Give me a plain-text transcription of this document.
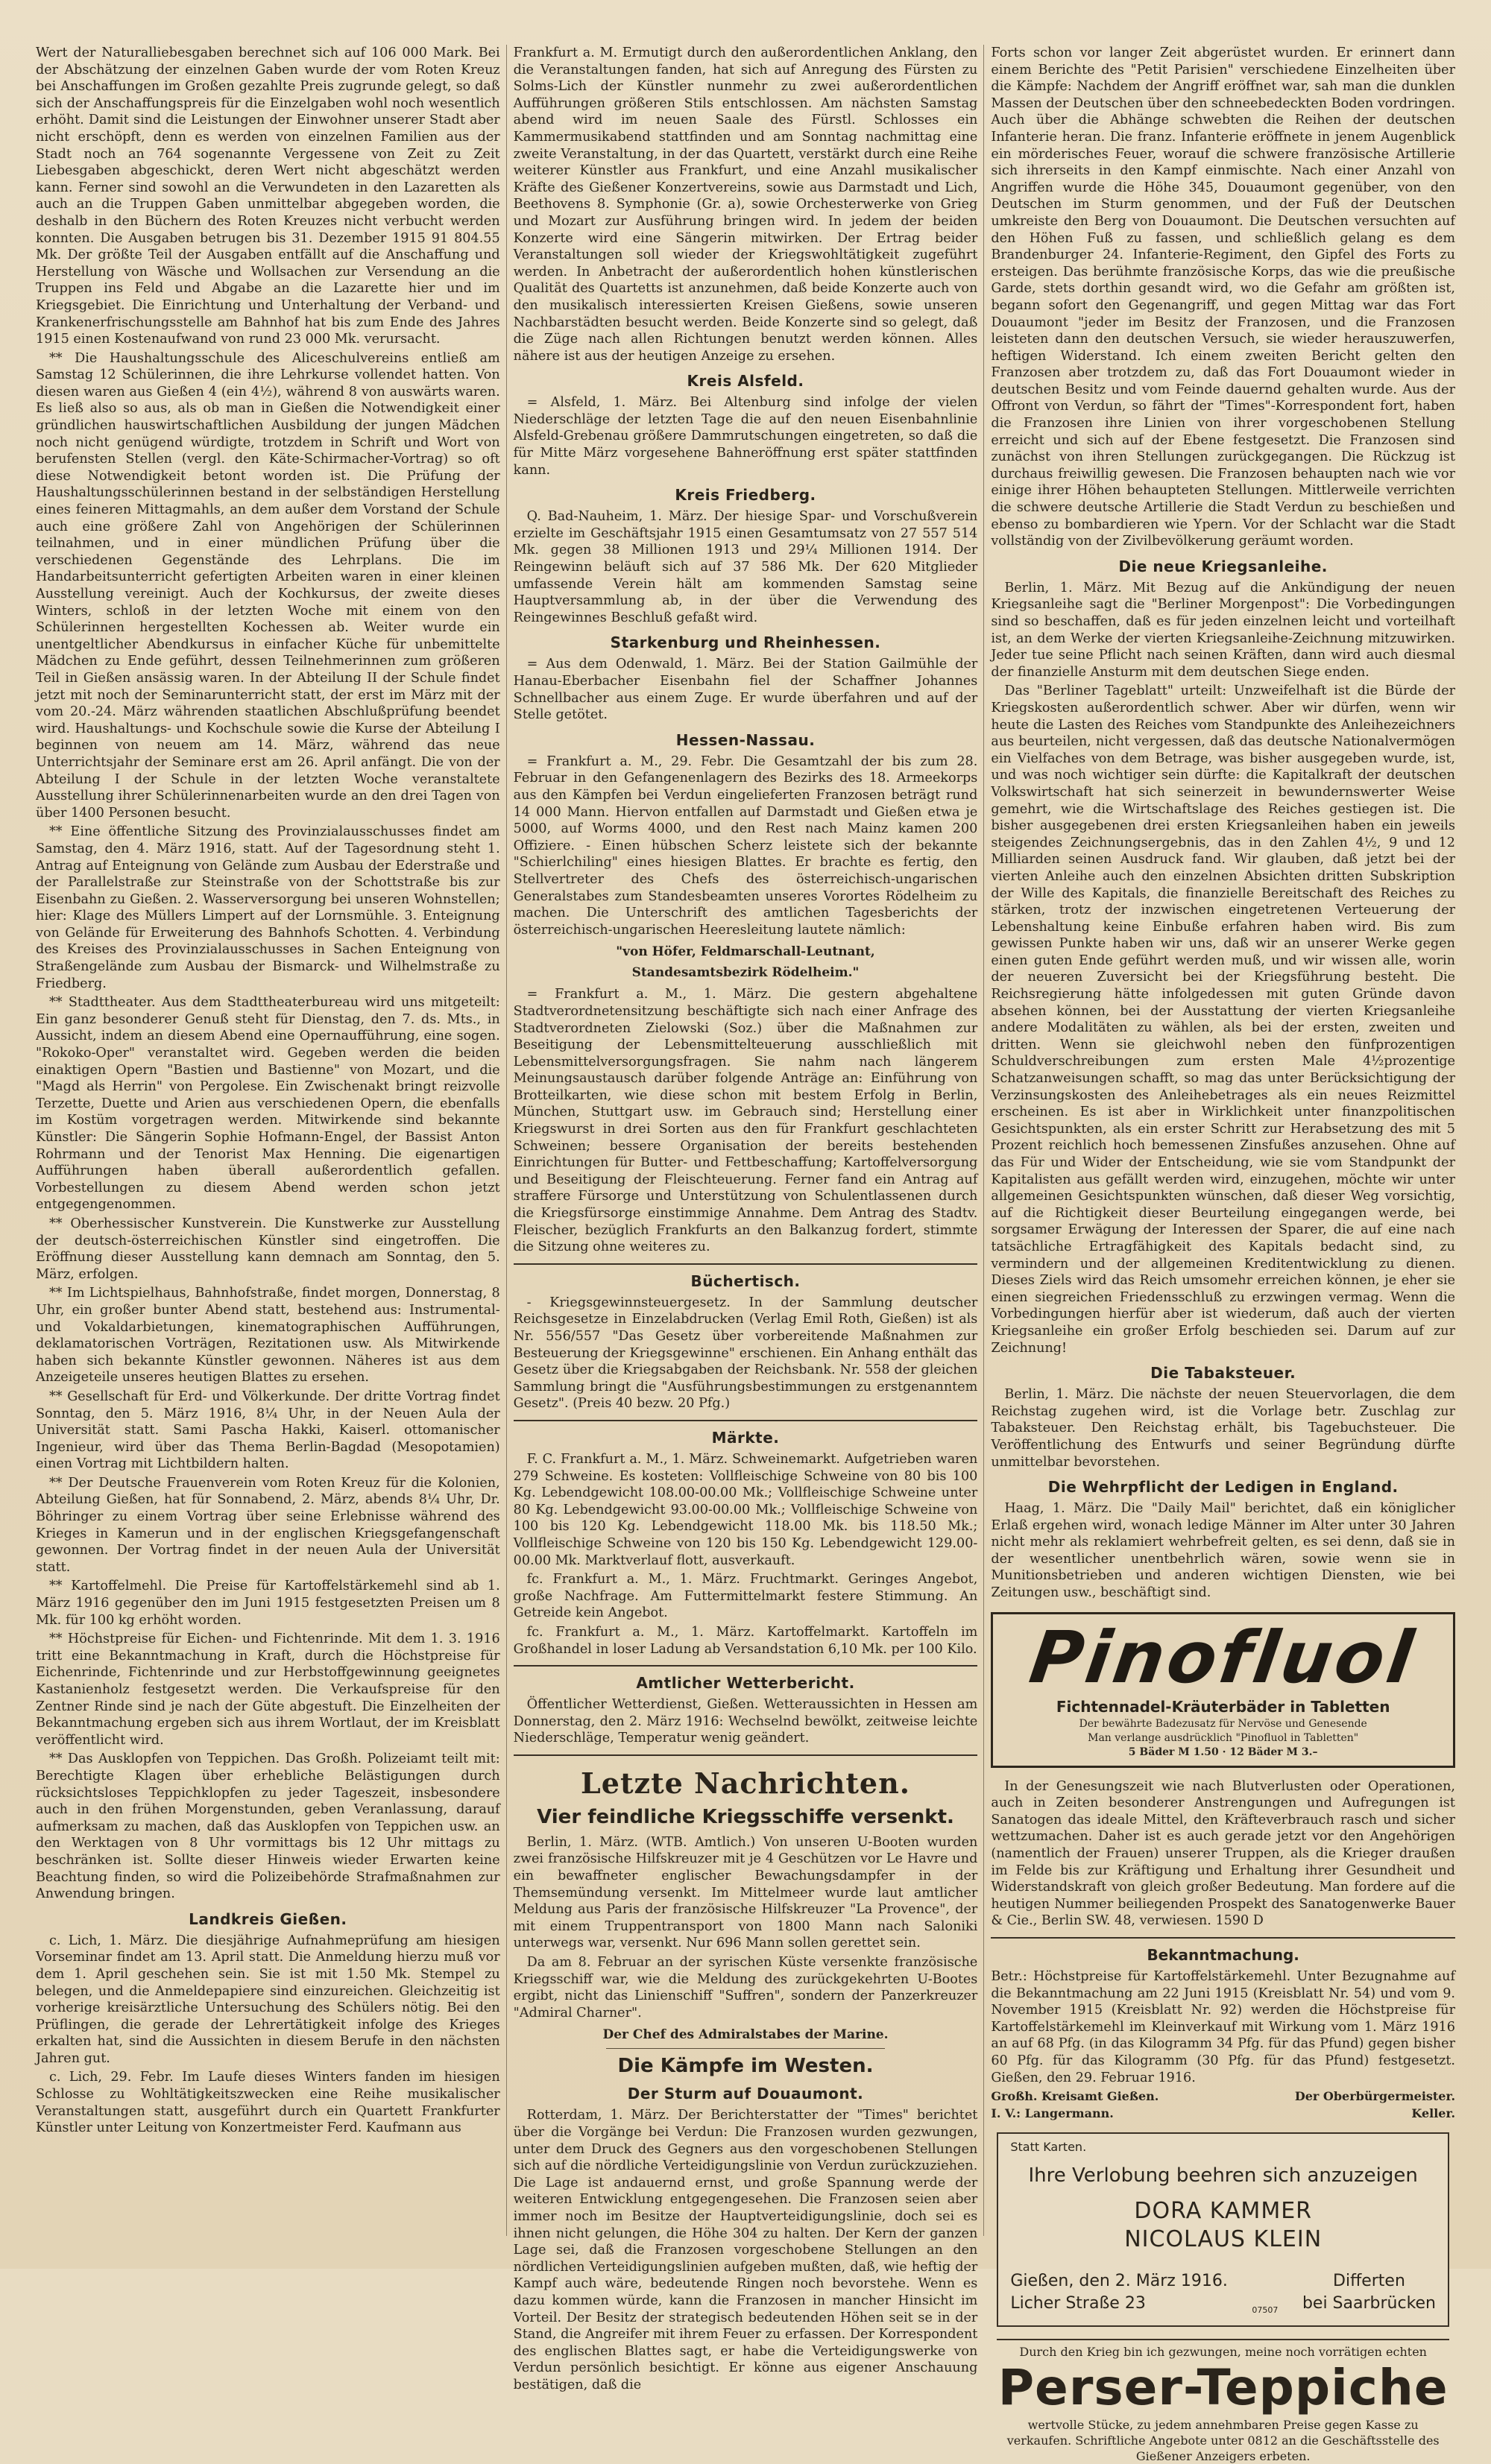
Wert der Naturalliebesgaben berechnet sich auf 106 000 Mark. Bei der Abschätzung der einzelnen Gaben wurde der vom Roten Kreuz bei Anschaffungen im Großen gezahlte Preis zugrunde gelegt, so daß sich der Anschaffungspreis für die Einzelgaben wohl noch wesentlich erhöht. Damit sind die Leistungen der Einwohner unserer Stadt aber nicht erschöpft, denn es werden von einzelnen Familien aus der Stadt noch an 764 sogenannte Vergessene von Zeit zu Zeit Liebesgaben abgeschickt, deren Wert nicht abgeschätzt werden kann. Ferner sind sowohl an die Verwundeten in den Lazaretten als auch an die Truppen Gaben unmittelbar abgegeben worden, die deshalb in den Büchern des Roten Kreuzes nicht verbucht werden konnten. Die Ausgaben betrugen bis 31. Dezember 1915 91 804.55 Mk. Der größte Teil der Ausgaben entfällt auf die Anschaffung und Herstellung von Wäsche und Wollsachen zur Versendung an die Truppen ins Feld und Abgabe an die Lazarette hier und im Kriegsgebiet. Die Einrichtung und Unterhaltung der Verband- und Krankenerfrischungsstelle am Bahnhof hat bis zum Ende des Jahres 1915 einen Kostenaufwand von rund 23 000 Mk. verursacht.

** Die Haushaltungsschule des Aliceschulvereins entließ am Samstag 12 Schülerinnen, die ihre Lehrkurse vollendet hatten. Von diesen waren aus Gießen 4 (ein 4½), während 8 von auswärts waren. Es ließ also so aus, als ob man in Gießen die Notwendigkeit einer gründlichen hauswirtschaftlichen Ausbildung der jungen Mädchen noch nicht genügend würdigte, trotzdem in Schrift und Wort von berufensten Stellen (vergl. den Käte-Schirmacher-Vortrag) so oft diese Notwendigkeit betont worden ist. Die Prüfung der Haushaltungsschülerinnen bestand in der selbständigen Herstellung eines feineren Mittagmahls, an dem außer dem Vorstand der Schule auch eine größere Zahl von Angehörigen der Schülerinnen teilnahmen, und in einer mündlichen Prüfung über die verschiedenen Gegenstände des Lehrplans. Die im Handarbeitsunterricht gefertigten Arbeiten waren in einer kleinen Ausstellung vereinigt. Auch der Kochkursus, der zweite dieses Winters, schloß in der letzten Woche mit einem von den Schülerinnen hergestellten Kochessen ab. Weiter wurde ein unentgeltlicher Abendkursus in einfacher Küche für unbemittelte Mädchen zu Ende geführt, dessen Teilnehmerinnen zum größeren Teil in Gießen ansässig waren. In der Abteilung II der Schule findet jetzt mit noch der Seminarunterricht statt, der erst im März mit der vom 20.-24. März währenden staatlichen Abschlußprüfung beendet wird. Haushaltungs- und Kochschule sowie die Kurse der Abteilung I beginnen von neuem am 14. März, während das neue Unterrichtsjahr der Seminare erst am 26. April anfängt. Die von der Abteilung I der Schule in der letzten Woche veranstaltete Ausstellung ihrer Schülerinnenarbeiten wurde an den drei Tagen von über 1400 Personen besucht.

** Eine öffentliche Sitzung des Provinzialausschusses findet am Samstag, den 4. März 1916, statt. Auf der Tagesordnung steht 1. Antrag auf Enteignung von Gelände zum Ausbau der Ederstraße und der Parallelstraße zur Steinstraße von der Schottstraße bis zur Eisenbahn zu Gießen. 2. Wasserversorgung bei unseren Wohnstellen; hier: Klage des Müllers Limpert auf der Lornsmühle. 3. Enteignung von Gelände für Erweiterung des Bahnhofs Schotten. 4. Verbindung des Kreises des Provinzialausschusses in Sachen Enteignung von Straßengelände zum Ausbau der Bismarck- und Wilhelmstraße zu Friedberg.

** Stadttheater. Aus dem Stadttheaterbureau wird uns mitgeteilt: Ein ganz besonderer Genuß steht für Dienstag, den 7. ds. Mts., in Aussicht, indem an diesem Abend eine Opernaufführung, eine sogen. "Rokoko-Oper" veranstaltet wird. Gegeben werden die beiden einaktigen Opern "Bastien und Bastienne" von Mozart, und die "Magd als Herrin" von Pergolese. Ein Zwischenakt bringt reizvolle Terzette, Duette und Arien aus verschiedenen Opern, die ebenfalls im Kostüm vorgetragen werden. Mitwirkende sind bekannte Künstler: Die Sängerin Sophie Hofmann-Engel, der Bassist Anton Rohrmann und der Tenorist Max Henning. Die eigenartigen Aufführungen haben überall außerordentlich gefallen. Vorbestellungen zu diesem Abend werden schon jetzt entgegengenommen.

** Oberhessischer Kunstverein. Die Kunstwerke zur Ausstellung der deutsch-österreichischen Künstler sind eingetroffen. Die Eröffnung dieser Ausstellung kann demnach am Sonntag, den 5. März, erfolgen.

** Im Lichtspielhaus, Bahnhofstraße, findet morgen, Donnerstag, 8 Uhr, ein großer bunter Abend statt, bestehend aus: Instrumental- und Vokaldarbietungen, kinematographischen Aufführungen, deklamatorischen Vorträgen, Rezitationen usw. Als Mitwirkende haben sich bekannte Künstler gewonnen. Näheres ist aus dem Anzeigeteile unseres heutigen Blattes zu ersehen.

** Gesellschaft für Erd- und Völkerkunde. Der dritte Vortrag findet Sonntag, den 5. März 1916, 8¼ Uhr, in der Neuen Aula der Universität statt. Sami Pascha Hakki, Kaiserl. ottomanischer Ingenieur, wird über das Thema Berlin-Bagdad (Mesopotamien) einen Vortrag mit Lichtbildern halten.

** Der Deutsche Frauenverein vom Roten Kreuz für die Kolonien, Abteilung Gießen, hat für Sonnabend, 2. März, abends 8¼ Uhr, Dr. Böhringer zu einem Vortrag über seine Erlebnisse während des Krieges in Kamerun und in der englischen Kriegsgefangenschaft gewonnen. Der Vortrag findet in der neuen Aula der Universität statt.

** Kartoffelmehl. Die Preise für Kartoffelstärkemehl sind ab 1. März 1916 gegenüber den im Juni 1915 festgesetzten Preisen um 8 Mk. für 100 kg erhöht worden.

** Höchstpreise für Eichen- und Fichtenrinde. Mit dem 1. 3. 1916 tritt eine Bekanntmachung in Kraft, durch die Höchstpreise für Eichenrinde, Fichtenrinde und zur Herbstoffgewinnung geeignetes Kastanienholz festgesetzt werden. Die Verkaufspreise für den Zentner Rinde sind je nach der Güte abgestuft. Die Einzelheiten der Bekanntmachung ergeben sich aus ihrem Wortlaut, der im Kreisblatt veröffentlicht wird.

** Das Ausklopfen von Teppichen. Das Großh. Polizeiamt teilt mit: Berechtigte Klagen über erhebliche Belästigungen durch rücksichtsloses Teppichklopfen zu jeder Tageszeit, insbesondere auch in den frühen Morgenstunden, geben Veranlassung, darauf aufmerksam zu machen, daß das Ausklopfen von Teppichen usw. an den Werktagen von 8 Uhr vormittags bis 12 Uhr mittags zu beschränken ist. Sollte dieser Hinweis wieder Erwarten keine Beachtung finden, so wird die Polizeibehörde Strafmaßnahmen zur Anwendung bringen.

Landkreis Gießen.

c. Lich, 1. März. Die diesjährige Aufnahmeprüfung am hiesigen Vorseminar findet am 13. April statt. Die Anmeldung hierzu muß vor dem 1. April geschehen sein. Sie ist mit 1.50 Mk. Stempel zu belegen, und die Anmeldepapiere sind einzureichen. Gleichzeitig ist vorherige kreisärztliche Untersuchung des Schülers nötig. Bei den Prüflingen, die gerade der Lehrertätigkeit infolge des Krieges erkalten hat, sind die Aussichten in diesem Berufe in den nächsten Jahren gut.

c. Lich, 29. Febr. Im Laufe dieses Winters fanden im hiesigen Schlosse zu Wohltätigkeitszwecken eine Reihe musikalischer Veranstaltungen statt, ausgeführt durch ein Quartett Frankfurter Künstler unter Leitung von Konzertmeister Ferd. Kaufmann aus

Frankfurt a. M. Ermutigt durch den außerordentlichen Anklang, den die Veranstaltungen fanden, hat sich auf Anregung des Fürsten zu Solms-Lich der Künstler nunmehr zu zwei außerordentlichen Aufführungen größeren Stils entschlossen. Am nächsten Samstag abend wird im neuen Saale des Fürstl. Schlosses ein Kammermusikabend stattfinden und am Sonntag nachmittag eine zweite Veranstaltung, in der das Quartett, verstärkt durch eine Reihe weiterer Künstler aus Frankfurt, und eine Anzahl musikalischer Kräfte des Gießener Konzertvereins, sowie aus Darmstadt und Lich, Beethovens 8. Symphonie (Gr. a), sowie Orchesterwerke von Grieg und Mozart zur Ausführung bringen wird. In jedem der beiden Konzerte wird eine Sängerin mitwirken. Der Ertrag beider Veranstaltungen soll wieder der Kriegswohltätigkeit zugeführt werden. In Anbetracht der außerordentlich hohen künstlerischen Qualität des Quartetts ist anzunehmen, daß beide Konzerte auch von den musikalisch interessierten Kreisen Gießens, sowie unseren Nachbarstädten besucht werden. Beide Konzerte sind so gelegt, daß die Züge nach allen Richtungen benutzt werden können. Alles nähere ist aus der heutigen Anzeige zu ersehen.

Kreis Alsfeld.

= Alsfeld, 1. März. Bei Altenburg sind infolge der vielen Niederschläge der letzten Tage die auf den neuen Eisenbahnlinie Alsfeld-Grebenau größere Dammrutschungen eingetreten, so daß die für Mitte März vorgesehene Bahneröffnung erst später stattfinden kann.

Kreis Friedberg.

Q. Bad-Nauheim, 1. März. Der hiesige Spar- und Vorschußverein erzielte im Geschäftsjahr 1915 einen Gesamtumsatz von 27 557 514 Mk. gegen 38 Millionen 1913 und 29¼ Millionen 1914. Der Reingewinn beläuft sich auf 37 586 Mk. Der 620 Mitglieder umfassende Verein hält am kommenden Samstag seine Hauptversammlung ab, in der über die Verwendung des Reingewinnes Beschluß gefaßt wird.

Starkenburg und Rheinhessen.

= Aus dem Odenwald, 1. März. Bei der Station Gailmühle der Hanau-Eberbacher Eisenbahn fiel der Schaffner Johannes Schnellbacher aus einem Zuge. Er wurde überfahren und auf der Stelle getötet.

Hessen-Nassau.

= Frankfurt a. M., 29. Febr. Die Gesamtzahl der bis zum 28. Februar in den Gefangenenlagern des Bezirks des 18. Armeekorps aus den Kämpfen bei Verdun eingelieferten Franzosen beträgt rund 14 000 Mann. Hiervon entfallen auf Darmstadt und Gießen etwa je 5000, auf Worms 4000, und den Rest nach Mainz kamen 200 Offiziere. - Einen hübschen Scherz leistete sich der bekannte "Schierlchiling" eines hiesigen Blattes. Er brachte es fertig, den Stellvertreter des Chefs des österreichisch-ungarischen Generalstabes zum Standesbeamten unseres Vorortes Rödelheim zu machen. Die Unterschrift des amtlichen Tagesberichts der österreichisch-ungarischen Heeresleitung lautete nämlich:

"von Höfer, Feldmarschall-Leutnant,
Standesamtsbezirk Rödelheim."

= Frankfurt a. M., 1. März. Die gestern abgehaltene Stadtverordnetensitzung beschäftigte sich nach einer Anfrage des Stadtverordneten Zielowski (Soz.) über die Maßnahmen zur Beseitigung der Lebensmittelteuerung ausschließlich mit Lebensmittelversorgungsfragen. Sie nahm nach längerem Meinungsaustausch darüber folgende Anträge an: Einführung von Brotteilkarten, wie diese schon mit bestem Erfolg in Berlin, München, Stuttgart usw. im Gebrauch sind; Herstellung einer Kriegswurst in drei Sorten aus den für Frankfurt geschlachteten Schweinen; bessere Organisation der bereits bestehenden Einrichtungen für Butter- und Fettbeschaffung; Kartoffelversorgung und Beseitigung der Fleischteuerung. Ferner fand ein Antrag auf straffere Fürsorge und Unterstützung von Schulentlassenen durch die Kriegsfürsorge einstimmige Annahme. Dem Antrag des Stadtv. Fleischer, bezüglich Frankfurts an den Balkanzug fordert, stimmte die Sitzung ohne weiteres zu.

Büchertisch.

- Kriegsgewinnsteuergesetz. In der Sammlung deutscher Reichsgesetze in Einzelabdrucken (Verlag Emil Roth, Gießen) ist als Nr. 556/557 "Das Gesetz über vorbereitende Maßnahmen zur Besteuerung der Kriegsgewinne" erschienen. Ein Anhang enthält das Gesetz über die Kriegsabgaben der Reichsbank. Nr. 558 der gleichen Sammlung bringt die "Ausführungsbestimmungen zu erstgenanntem Gesetz". (Preis 40 bezw. 20 Pfg.)

Märkte.

F. C. Frankfurt a. M., 1. März. Schweinemarkt. Aufgetrieben waren 279 Schweine. Es kosteten: Vollfleischige Schweine von 80 bis 100 Kg. Lebendgewicht 108.00-00.00 Mk.; Vollfleischige Schweine unter 80 Kg. Lebendgewicht 93.00-00.00 Mk.; Vollfleischige Schweine von 100 bis 120 Kg. Lebendgewicht 118.00 Mk. bis 118.50 Mk.; Vollfleischige Schweine von 120 bis 150 Kg. Lebendgewicht 129.00-00.00 Mk. Marktverlauf flott, ausverkauft.

fc. Frankfurt a. M., 1. März. Fruchtmarkt. Geringes Angebot, große Nachfrage. Am Futtermittelmarkt festere Stimmung. An Getreide kein Angebot.

fc. Frankfurt a. M., 1. März. Kartoffelmarkt. Kartoffeln im Großhandel in loser Ladung ab Versandstation 6,10 Mk. per 100 Kilo.

Amtlicher Wetterbericht.

Öffentlicher Wetterdienst, Gießen. Wetteraussichten in Hessen am Donnerstag, den 2. März 1916: Wechselnd bewölkt, zeitweise leichte Niederschläge, Temperatur wenig geändert.

Letzte Nachrichten.
Vier feindliche Kriegsschiffe versenkt.

Berlin, 1. März. (WTB. Amtlich.) Von unseren U-Booten wurden zwei französische Hilfskreuzer mit je 4 Geschützen vor Le Havre und ein bewaffneter englischer Bewachungsdampfer in der Themsemündung versenkt. Im Mittelmeer wurde laut amtlicher Meldung aus Paris der französische Hilfskreuzer "La Provence", der mit einem Truppentransport von 1800 Mann nach Saloniki unterwegs war, versenkt. Nur 696 Mann sollen gerettet sein.

Da am 8. Februar an der syrischen Küste versenkte französische Kriegsschiff war, wie die Meldung des zurückgekehrten U-Bootes ergibt, nicht das Linienschiff "Suffren", sondern der Panzerkreuzer "Admiral Charner".

Der Chef des Admiralstabes der Marine.
Die Kämpfe im Westen.
Der Sturm auf Douaumont.

Rotterdam, 1. März. Der Berichterstatter der "Times" berichtet über die Vorgänge bei Verdun: Die Franzosen wurden gezwungen, unter dem Druck des Gegners aus den vorgeschobenen Stellungen sich auf die nördliche Verteidigungslinie von Verdun zurückzuziehen. Die Lage ist andauernd ernst, und große Spannung werde der weiteren Entwicklung entgegengesehen. Die Franzosen seien aber immer noch im Besitze der Hauptverteidigungslinie, doch sei es ihnen nicht gelungen, die Höhe 304 zu halten. Der Kern der ganzen Lage sei, daß die Franzosen vorgeschobene Stellungen an den nördlichen Verteidigungslinien aufgeben mußten, daß, wie heftig der Kampf auch wäre, bedeutende Ringen noch bevorstehe. Wenn es dazu kommen würde, kann die Franzosen in mancher Hinsicht im Vorteil. Der Besitz der strategisch bedeutenden Höhen seit se in der Stand, die Angreifer mit ihrem Feuer zu erfassen. Der Korrespondent des englischen Blattes sagt, er habe die Verteidigungswerke von Verdun persönlich besichtigt. Er könne aus eigener Anschauung bestätigen, daß die

Forts schon vor langer Zeit abgerüstet wurden. Er erinnert dann einem Berichte des "Petit Parisien" verschiedene Einzelheiten über die Kämpfe: Nachdem der Angriff eröffnet war, sah man die dunklen Massen der Deutschen über den schneebedeckten Boden vordringen. Auch über die Abhänge schwebten die Reihen der deutschen Infanterie heran. Die franz. Infanterie eröffnete in jenem Augenblick ein mörderisches Feuer, worauf die schwere französische Artillerie sich ihrerseits in den Kampf einmischte. Nach einer Anzahl von Angriffen wurde die Höhe 345, Douaumont gegenüber, von den Deutschen im Sturm genommen, und der Fuß der Deutschen umkreiste den Berg von Douaumont. Die Deutschen versuchten auf den Höhen Fuß zu fassen, und schließlich gelang es dem Brandenburger 24. Infanterie-Regiment, den Gipfel des Forts zu ersteigen. Das berühmte französische Korps, das wie die preußische Garde, stets dorthin gesandt wird, wo die Gefahr am größten ist, begann sofort den Gegenangriff, und gegen Mittag war das Fort Douaumont "jeder im Besitz der Franzosen, und die Franzosen leisteten dann den deutschen Versuch, sie wieder herauszuwerfen, heftigen Widerstand. Ich einem zweiten Bericht gelten den Franzosen aber trotzdem zu, daß das Fort Douaumont wieder in deutschen Besitz und vom Feinde dauernd gehalten wurde. Aus der Offront von Verdun, so fährt der "Times"-Korrespondent fort, haben die Franzosen ihre Linien von ihrer vorgeschobenen Stellung erreicht und sich auf der Ebene festgesetzt. Die Franzosen sind zunächst von ihren Stellungen zurückgegangen. Die Rückzug ist durchaus freiwillig gewesen. Die Franzosen behaupten nach wie vor einige ihrer Höhen behaupteten Stellungen. Mittlerweile verrichten die schwere deutsche Artillerie die Stadt Verdun zu beschießen und ebenso zu bombardieren wie Ypern. Vor der Schlacht war die Stadt vollständig von der Zivilbevölkerung geräumt worden.

Die neue Kriegsanleihe.

Berlin, 1. März. Mit Bezug auf die Ankündigung der neuen Kriegsanleihe sagt die "Berliner Morgenpost": Die Vorbedingungen sind so beschaffen, daß es für jeden einzelnen leicht und vorteilhaft ist, an dem Werke der vierten Kriegsanleihe-Zeichnung mitzuwirken. Jeder tue seine Pflicht nach seinen Kräften, dann wird auch diesmal der finanzielle Ansturm mit dem deutschen Siege enden.

Das "Berliner Tageblatt" urteilt: Unzweifelhaft ist die Bürde der Kriegskosten außerordentlich schwer. Aber wir dürfen, wenn wir heute die Lasten des Reiches vom Standpunkte des Anleihezeichners aus beurteilen, nicht vergessen, daß das deutsche Nationalvermögen ein Vielfaches von dem Betrage, was bisher ausgegeben wurde, ist, und was noch wichtiger sein dürfte: die Kapitalkraft der deutschen Volkswirtschaft hat sich seinerzeit in bewundernswerter Weise gemehrt, wie die Wirtschaftslage des Reiches gestiegen ist. Die bisher ausgegebenen drei ersten Kriegsanleihen haben ein jeweils steigendes Zeichnungsergebnis, das in den Zahlen 4½, 9 und 12 Milliarden seinen Ausdruck fand. Wir glauben, daß jetzt bei der vierten Anleihe auch den einzelnen Absichten dritten Subskription der Wille des Kapitals, die finanzielle Bereitschaft des Reiches zu stärken, trotz der inzwischen eingetretenen Verteuerung der Lebenshaltung keine Einbuße erfahren haben wird. Bis zum gewissen Punkte haben wir uns, daß wir an unserer Werke gegen einen guten Ende geführt werden muß, und wir wissen alle, worin der neueren Zuversicht bei der Kriegsführung besteht. Die Reichsregierung hätte infolgedessen mit guten Gründe davon absehen können, bei der Ausstattung der vierten Kriegsanleihe andere Modalitäten zu wählen, als bei der ersten, zweiten und dritten. Wenn sie gleichwohl neben den fünfprozentigen Schuldverschreibungen zum ersten Male 4½prozentige Schatzanweisungen schafft, so mag das unter Berücksichtigung der Verzinsungskosten des Anleihebetrages als ein neues Reizmittel erscheinen. Es ist aber in Wirklichkeit unter finanzpolitischen Gesichtspunkten, als ein erster Schritt zur Herabsetzung des mit 5 Prozent reichlich hoch bemessenen Zinsfußes anzusehen. Ohne auf das Für und Wider der Entscheidung, wie sie vom Standpunkt der Kapitalisten aus gefällt werden wird, einzugehen, möchte wir unter allgemeinen Gesichtspunkten wünschen, daß dieser Weg vorsichtig, auf die Richtigkeit dieser Beurteilung eingegangen werde, bei sorgsamer Erwägung der Interessen der Sparer, die auf eine nach tatsächliche Ertragfähigkeit des Kapitals bedacht sind, zu vermindern und der allgemeinen Kreditentwicklung zu dienen. Dieses Ziels wird das Reich umsomehr erreichen können, je eher sie einen siegreichen Friedensschluß zu erzwingen vermag. Wenn die Vorbedingungen hierfür aber ist wiederum, daß auch der vierten Kriegsanleihe ein großer Erfolg beschieden sei. Darum auf zur Zeichnung!

Die Tabaksteuer.

Berlin, 1. März. Die nächste der neuen Steuervorlagen, die dem Reichstag zugehen wird, ist die Vorlage betr. Zuschlag zur Tabaksteuer. Den Reichstag erhält, bis Tagebuchsteuer. Die Veröffentlichung des Entwurfs und seiner Begründung dürfte unmittelbar bevorstehen.

Die Wehrpflicht der Ledigen in England.

Haag, 1. März. Die "Daily Mail" berichtet, daß ein königlicher Erlaß ergehen wird, wonach ledige Männer im Alter unter 30 Jahren nicht mehr als reklamiert wehrbefreit gelten, es sei denn, daß sie in der wesentlicher unentbehrlich wären, sowie wenn sie in Munitionsbetrieben und anderen wichtigen Diensten, wie bei Zeitungen usw., beschäftigt sind.

Pinofluol
Fichtennadel-Kräuterbäder in Tabletten
Der bewährte Badezusatz für Nervöse und Genesende
Man verlange ausdrücklich "Pinofluol in Tabletten"
5 Bäder M 1.50 · 12 Bäder M 3.–

In der Genesungszeit wie nach Blutverlusten oder Operationen, auch in Zeiten besonderer Anstrengungen und Aufregungen ist Sanatogen das ideale Mittel, den Kräfteverbrauch rasch und sicher wettzumachen. Daher ist es auch gerade jetzt vor den Angehörigen (namentlich der Frauen) unserer Truppen, als die Krieger draußen im Felde bis zur Kräftigung und Erhaltung ihrer Gesundheit und Widerstandskraft von gleich großer Bedeutung. Man fordere auf die heutigen Nummer beiliegenden Prospekt des Sanatogenwerke Bauer & Cie., Berlin SW. 48, verwiesen. 1590 D

Bekanntmachung.

Betr.: Höchstpreise für Kartoffelstärkemehl. Unter Bezugnahme auf die Bekanntmachung am 22 Juni 1915 (Kreisblatt Nr. 54) und vom 9. November 1915 (Kreisblatt Nr. 92) werden die Höchstpreise für Kartoffelstärkemehl im Kleinverkauf mit Wirkung vom 1. März 1916 an auf 68 Pfg. (in das Kilogramm 34 Pfg. für das Pfund) gegen bisher 60 Pfg. für das Kilogramm (30 Pfg. für das Pfund) festgesetzt. Gießen, den 29. Februar 1916.

Großh. Kreisamt Gießen.	Der Oberbürgermeister.
I. V.: Langermann.	Keller.
Statt Karten.
Ihre Verlobung beehren sich anzuzeigen
DORA KAMMER
NICOLAUS KLEIN
Gießen, den 2. März 1916.
Licher Straße 23	07507
Differten
bei Saarbrücken
Durch den Krieg bin ich gezwungen, meine noch vorrätigen echten
Perser-Teppiche
wertvolle Stücke, zu jedem annehmbaren Preise gegen Kasse zu verkaufen. Schriftliche Angebote unter 0812 an die Geschäftsstelle des Gießener Anzeigers erbeten.
